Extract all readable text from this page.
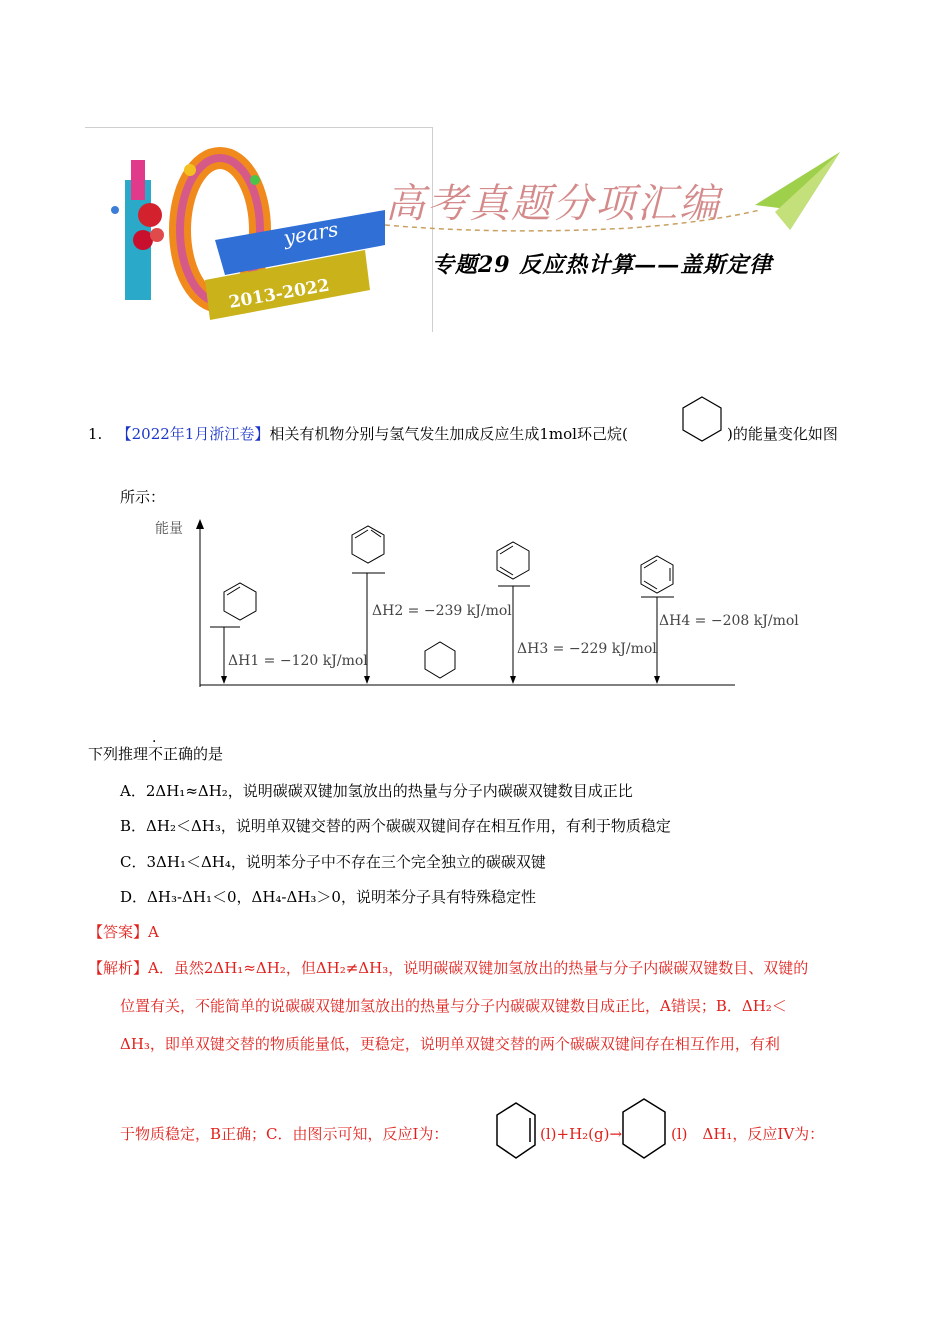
years
2013-2022
高考真题分项汇编
专题29 反应热计算——盖斯定律
1. 【2022年1月浙江卷】相关有机物分别与氢气发生加成反应生成1mol环己烷(	)的能量变化如图
所示：
能量
ΔH1 = −120 kJ/mol
ΔH2 = −239 kJ/mol
ΔH3 = −229 kJ/mol
ΔH4 = −208 kJ/mol
下列推理不正确的是
A．2ΔH₁≈ΔH₂，说明碳碳双键加氢放出的热量与分子内碳碳双键数目成正比
B．ΔH₂＜ΔH₃，说明单双键交替的两个碳碳双键间存在相互作用，有利于物质稳定
C．3ΔH₁＜ΔH₄，说明苯分子中不存在三个完全独立的碳碳双键
D．ΔH₃-ΔH₁＜0，ΔH₄-ΔH₃＞0，说明苯分子具有特殊稳定性
【答案】A
【解析】A．虽然2ΔH₁≈ΔH₂，但ΔH₂≠ΔH₃，说明碳碳双键加氢放出的热量与分子内碳碳双键数目、双键的
位置有关，不能简单的说碳碳双键加氢放出的热量与分子内碳碳双键数目成正比，A错误；B．ΔH₂＜
ΔH₃，即单双键交替的物质能量低，更稳定，说明单双键交替的两个碳碳双键间存在相互作用，有利
于物质稳定，B正确；C．由图示可知，反应I为：	(l)+H₂(g)→	(l)　ΔH₁，反应IV为：
